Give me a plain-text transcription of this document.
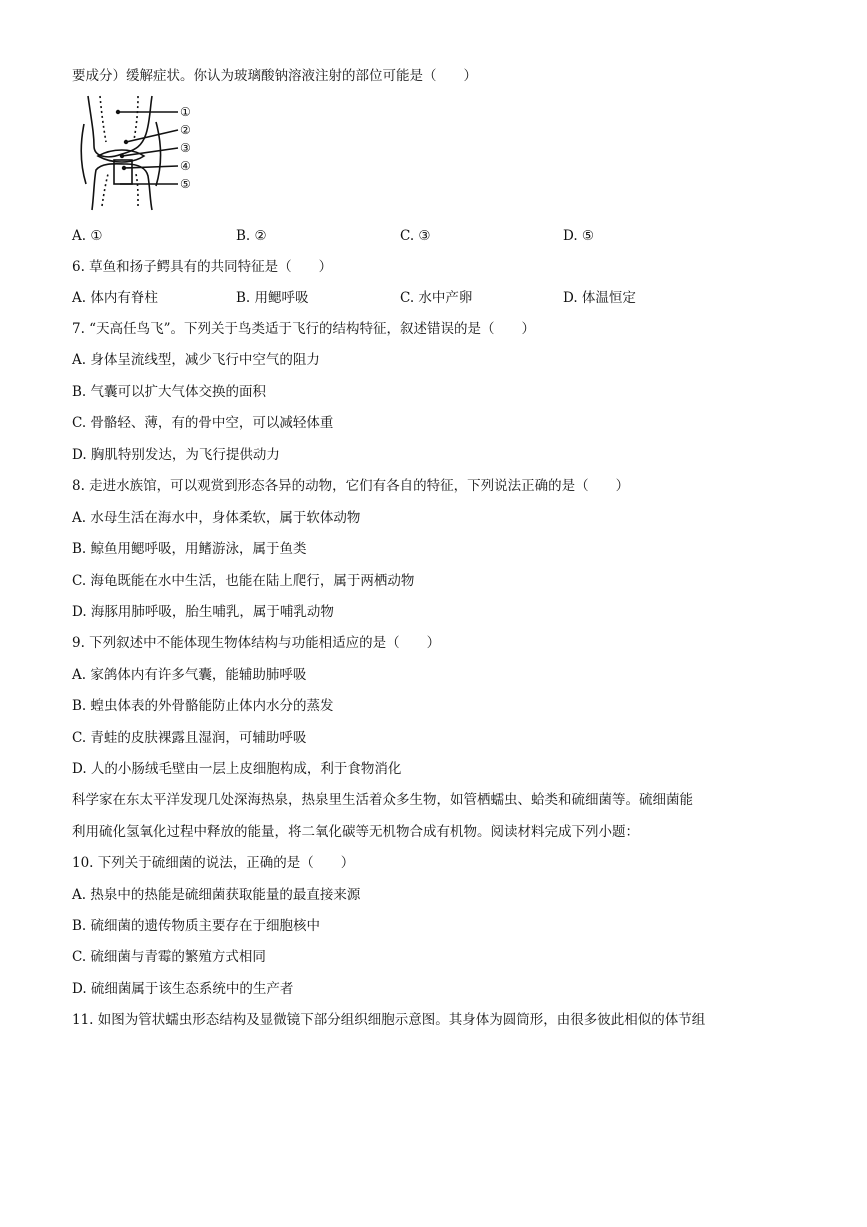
要成分）缓解症状。你认为玻璃酸钠溶液注射的部位可能是（　　）
①
②
③
④
⑤
A. ①	B. ②	C. ③	D. ⑤
6. 草鱼和扬子鳄具有的共同特征是（　　）
A. 体内有脊柱	B. 用鳃呼吸	C. 水中产卵	D. 体温恒定
7. “天高任鸟飞”。下列关于鸟类适于飞行的结构特征，叙述错误的是（　　）
A. 身体呈流线型，减少飞行中空气的阻力
B. 气囊可以扩大气体交换的面积
C. 骨骼轻、薄，有的骨中空，可以减轻体重
D. 胸肌特别发达，为飞行提供动力
8. 走进水族馆，可以观赏到形态各异的动物，它们有各自的特征，下列说法正确的是（　　）
A. 水母生活在海水中，身体柔软，属于软体动物
B. 鲸鱼用鳃呼吸，用鳍游泳，属于鱼类
C. 海龟既能在水中生活，也能在陆上爬行，属于两栖动物
D. 海豚用肺呼吸，胎生哺乳，属于哺乳动物
9. 下列叙述中不能体现生物体结构与功能相适应的是（　　）
A. 家鸽体内有许多气囊，能辅助肺呼吸
B. 蝗虫体表的外骨骼能防止体内水分的蒸发
C. 青蛙的皮肤裸露且湿润，可辅助呼吸
D. 人的小肠绒毛壁由一层上皮细胞构成，利于食物消化
科学家在东太平洋发现几处深海热泉，热泉里生活着众多生物，如管栖蠕虫、蛤类和硫细菌等。硫细菌能
利用硫化氢氧化过程中释放的能量，将二氧化碳等无机物合成有机物。阅读材料完成下列小题：
10. 下列关于硫细菌的说法，正确的是（　　）
A. 热泉中的热能是硫细菌获取能量的最直接来源
B. 硫细菌的遗传物质主要存在于细胞核中
C. 硫细菌与青霉的繁殖方式相同
D. 硫细菌属于该生态系统中的生产者
11. 如图为管状蠕虫形态结构及显微镜下部分组织细胞示意图。其身体为圆筒形，由很多彼此相似的体节组
